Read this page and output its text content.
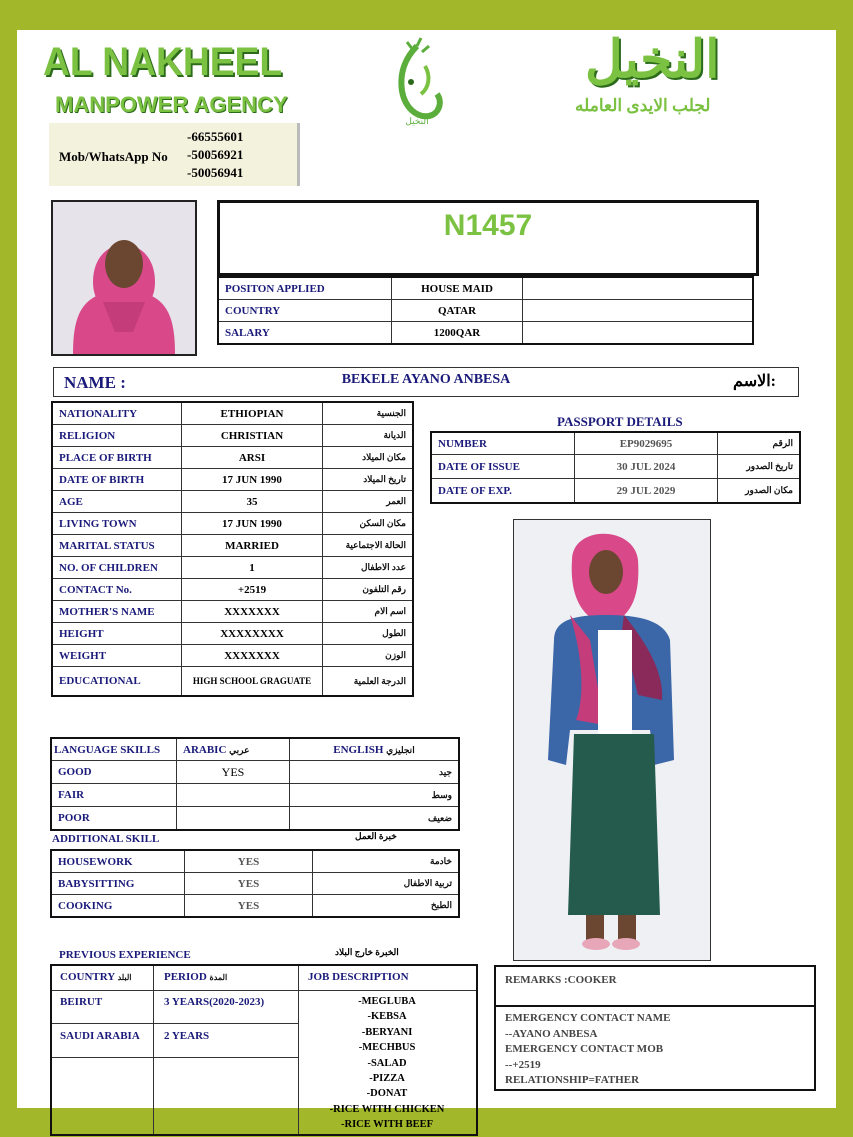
AL NAKHEEL
MANPOWER AGENCY
Mob/WhatsApp No
-66555601
-50056921
-50056941
النخيل
النخيل
لجلب الايدى العامله
N1457
POSITON APPLIED	HOUSE MAID	
COUNTRY	QATAR	
SALARY	1200QAR	
NAME :	BEKELE AYANO ANBESA	الاسم:
NATIONALITY	ETHIOPIAN	الجنسية
RELIGION	CHRISTIAN	الديانة
PLACE OF BIRTH	ARSI	مكان الميلاد
DATE OF BIRTH	17 JUN 1990	تاريخ الميلاد
AGE	35	العمر
LIVING TOWN	17 JUN 1990	مكان السكن
MARITAL STATUS	MARRIED	الحالة الاجتماعية
NO. OF CHILDREN	1	عدد الاطفال
CONTACT No.	+2519	رقم التلفون
MOTHER'S NAME	XXXXXXX	اسم الام
HEIGHT	XXXXXXXX	الطول
WEIGHT	XXXXXXX	الوزن
EDUCATIONAL	HIGH SCHOOL GRAGUATE	الدرجة العلمية
PASSPORT DETAILS
NUMBER	EP9029695	الرقم
DATE OF ISSUE	30 JUL 2024	تاريخ الصدور
DATE OF EXP.	29 JUL 2029	مكان الصدور
LANGUAGE SKILLS	ARABIC عربي	ENGLISH انجليزي
GOOD	YES	جيد
FAIR		وسط
POOR		ضعيف
ADDITIONAL SKILL	خبرة العمل
HOUSEWORK	YES	خادمة
BABYSITTING	YES	تربية الاطفال
COOKING	YES	الطبخ
PREVIOUS EXPERIENCE	الخبرة خارج البلاد
COUNTRY البلد	PERIOD المدة	JOB DESCRIPTION
BEIRUT	3 YEARS(2020-2023)
SAUDI ARABIA 2 YEARS
-MEGLUBA
-KEBSA
-BERYANI
-MECHBUS
-SALAD
-PIZZA
-DONAT
-RICE WITH CHICKEN
-RICE WITH BEEF
REMARKS :COOKER
EMERGENCY CONTACT NAME
--AYANO ANBESA
EMERGENCY CONTACT MOB
--+2519
RELATIONSHIP=FATHER
